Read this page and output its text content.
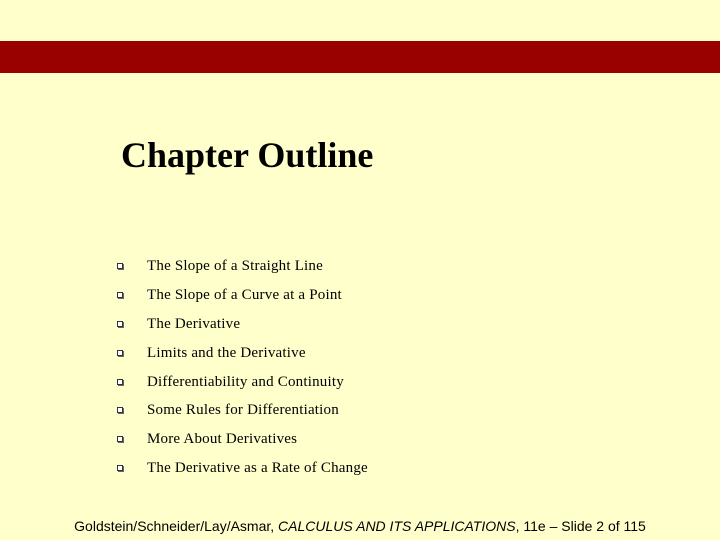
Chapter Outline
The Slope of a Straight Line
The Slope of a Curve at a Point
The Derivative
Limits and the Derivative
Differentiability and Continuity
Some Rules for Differentiation
More About Derivatives
The Derivative as a Rate of Change
Goldstein/Schneider/Lay/Asmar, CALCULUS AND ITS APPLICATIONS, 11e – Slide 2 of 115
